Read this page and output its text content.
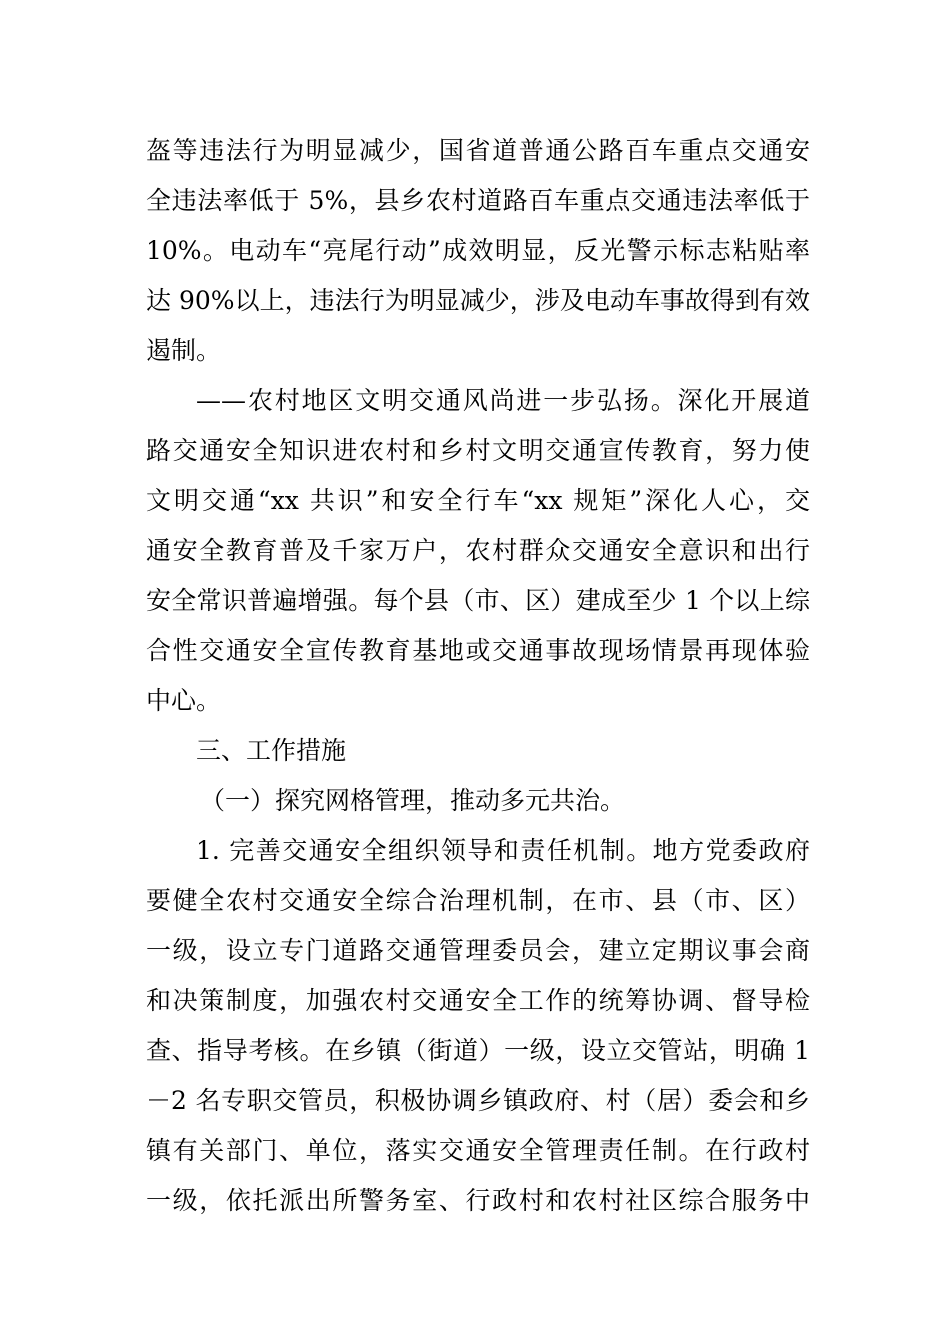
盔等违法行为明显减少，国省道普通公路百车重点交通安
全违法率低于 5%，县乡农村道路百车重点交通违法率低于
10%。电动车“亮尾行动”成效明显，反光警示标志粘贴率
达 90%以上，违法行为明显减少，涉及电动车事故得到有效
遏制。
——农村地区文明交通风尚进一步弘扬。深化开展道
路交通安全知识进农村和乡村文明交通宣传教育，努力使
文明交通“xx 共识”和安全行车“xx 规矩”深化人心，交
通安全教育普及千家万户，农村群众交通安全意识和出行
安全常识普遍增强。每个县（市、区）建成至少 1 个以上综
合性交通安全宣传教育基地或交通事故现场情景再现体验
中心。
三、工作措施
（一）探究网格管理，推动多元共治。
1. 完善交通安全组织领导和责任机制。地方党委政府
要健全农村交通安全综合治理机制，在市、县（市、区）
一级，设立专门道路交通管理委员会，建立定期议事会商
和决策制度，加强农村交通安全工作的统筹协调、督导检
查、指导考核。在乡镇（街道）一级，设立交管站，明确 1
－2 名专职交管员，积极协调乡镇政府、村（居）委会和乡
镇有关部门、单位，落实交通安全管理责任制。在行政村
一级，依托派出所警务室、行政村和农村社区综合服务中
